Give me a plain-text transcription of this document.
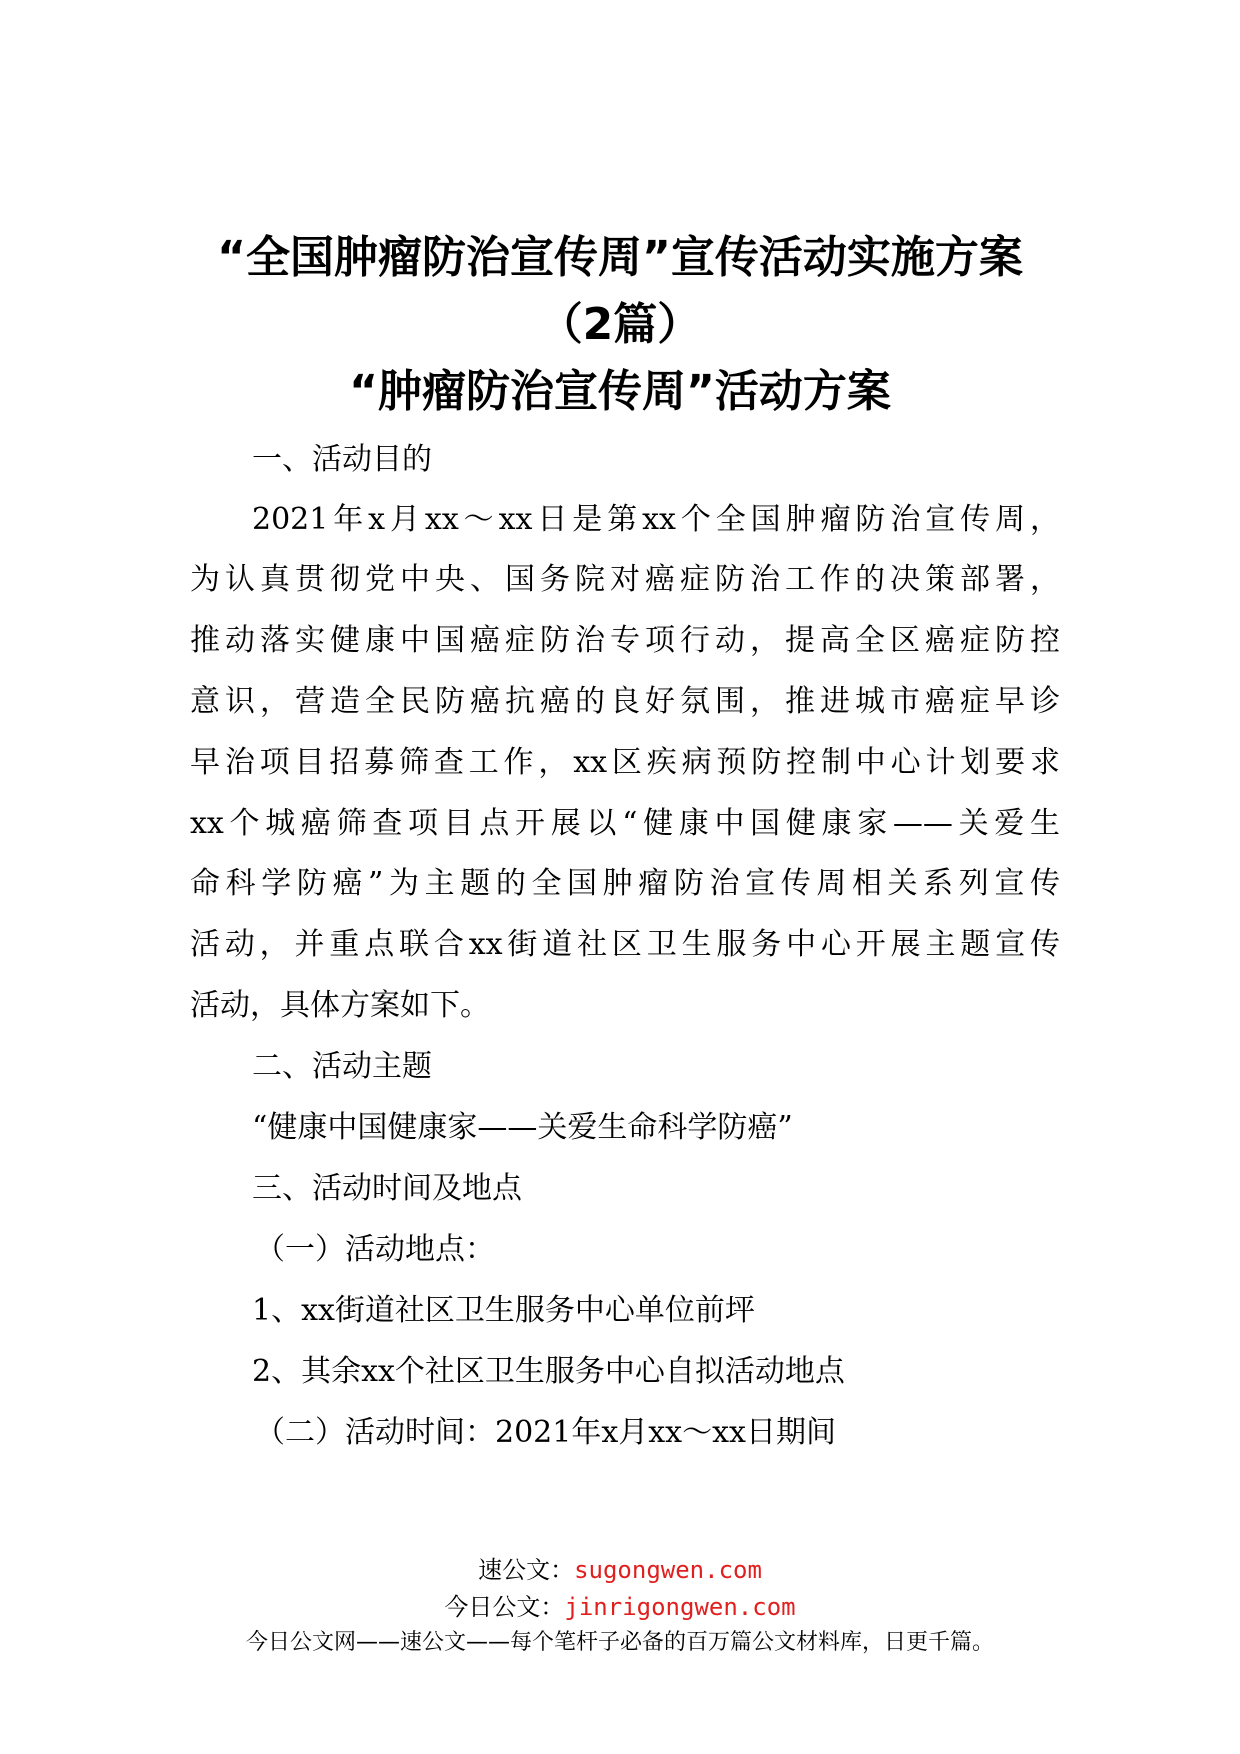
“全国肿瘤防治宣传周”宣传活动实施方案
（2篇）
“肿瘤防治宣传周”活动方案
一、活动目的
2021年x月xx～xx日是第xx个全国肿瘤防治宣传周，
为认真贯彻党中央、国务院对癌症防治工作的决策部署，
推动落实健康中国癌症防治专项行动，提高全区癌症防控
意识，营造全民防癌抗癌的良好氛围，推进城市癌症早诊
早治项目招募筛查工作，xx区疾病预防控制中心计划要求
xx个城癌筛查项目点开展以“健康中国健康家——关爱生
命科学防癌”为主题的全国肿瘤防治宣传周相关系列宣传
活动，并重点联合xx街道社区卫生服务中心开展主题宣传
活动，具体方案如下。
二、活动主题
“健康中国健康家——关爱生命科学防癌”
三、活动时间及地点
（一）活动地点：
1、xx街道社区卫生服务中心单位前坪
2、其余xx个社区卫生服务中心自拟活动地点
（二）活动时间：2021年x月xx～xx日期间
速公文：sugongwen.com
今日公文：jinrigongwen.com
今日公文网——速公文——每个笔杆子必备的百万篇公文材料库，日更千篇。
